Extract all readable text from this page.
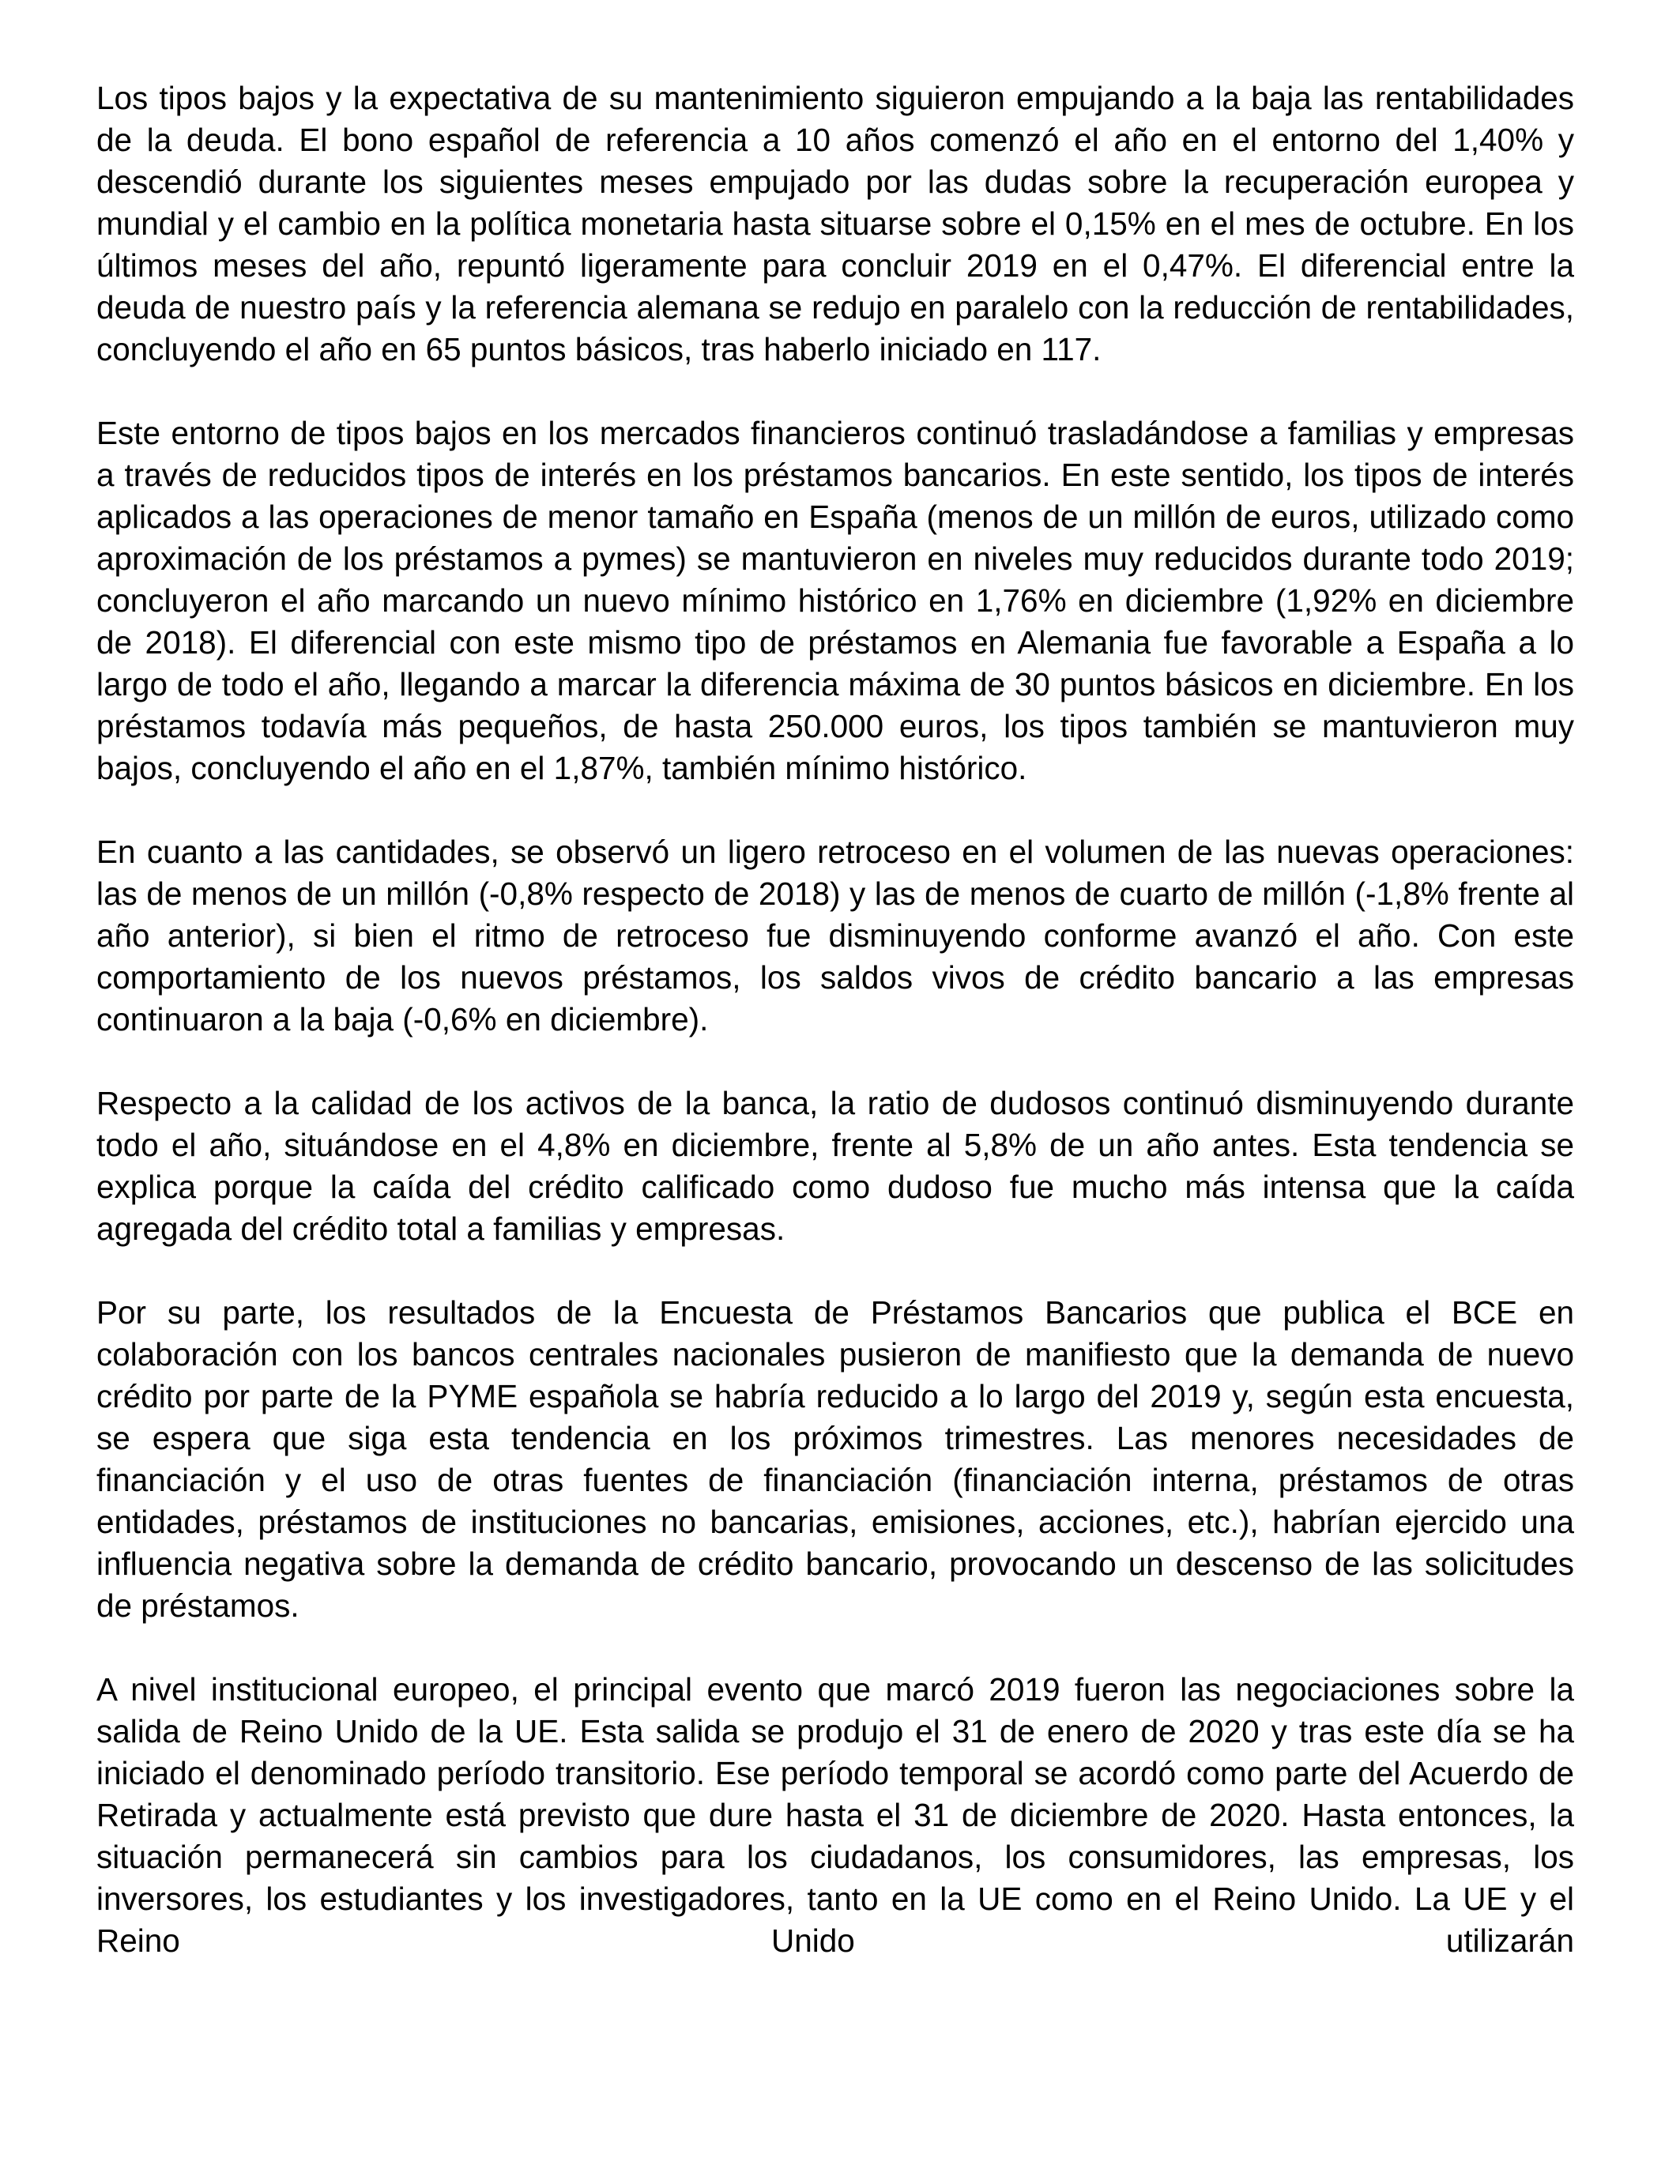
Los tipos bajos y la expectativa de su mantenimiento siguieron empujando a la baja las rentabilidades de la deuda. El bono español de referencia a 10 años comenzó el año en el entorno del 1,40% y descendió durante los siguientes meses empujado por las dudas sobre la recuperación europea y mundial y el cambio en la política monetaria hasta situarse sobre el 0,15% en el mes de octubre. En los últimos meses del año, repuntó ligeramente para concluir 2019 en el 0,47%. El diferencial entre la deuda de nuestro país y la referencia alemana se redujo en paralelo con la reducción de rentabilidades, concluyendo el año en 65 puntos básicos, tras haberlo iniciado en 117.

Este entorno de tipos bajos en los mercados financieros continuó trasladándose a familias y empresas a través de reducidos tipos de interés en los préstamos bancarios. En este sentido, los tipos de interés aplicados a las operaciones de menor tamaño en España (menos de un millón de euros, utilizado como aproximación de los préstamos a pymes) se mantuvieron en niveles muy reducidos durante todo 2019; concluyeron el año marcando un nuevo mínimo histórico en 1,76% en diciembre (1,92% en diciembre de 2018). El diferencial con este mismo tipo de préstamos en Alemania fue favorable a España a lo largo de todo el año, llegando a marcar la diferencia máxima de 30 puntos básicos en diciembre. En los préstamos todavía más pequeños, de hasta 250.000 euros, los tipos también se mantuvieron muy bajos, concluyendo el año en el 1,87%, también mínimo histórico.

En cuanto a las cantidades, se observó un ligero retroceso en el volumen de las nuevas operaciones: las de menos de un millón (-0,8% respecto de 2018) y las de menos de cuarto de millón (-1,8% frente al año anterior), si bien el ritmo de retroceso fue disminuyendo conforme avanzó el año. Con este comportamiento de los nuevos préstamos, los saldos vivos de crédito bancario a las empresas continuaron a la baja (-0,6% en diciembre).

Respecto a la calidad de los activos de la banca, la ratio de dudosos continuó disminuyendo durante todo el año, situándose en el 4,8% en diciembre, frente al 5,8% de un año antes. Esta tendencia se explica porque la caída del crédito calificado como dudoso fue mucho más intensa que la caída agregada del crédito total a familias y empresas.

Por su parte, los resultados de la Encuesta de Préstamos Bancarios que publica el BCE en colaboración con los bancos centrales nacionales pusieron de manifiesto que la demanda de nuevo crédito por parte de la PYME española se habría reducido a lo largo del 2019 y, según esta encuesta, se espera que siga esta tendencia en los próximos trimestres. Las menores necesidades de financiación y el uso de otras fuentes de financiación (financiación interna, préstamos de otras entidades, préstamos de instituciones no bancarias, emisiones, acciones, etc.), habrían ejercido una influencia negativa sobre la demanda de crédito bancario, provocando un descenso de las solicitudes de préstamos.

A nivel institucional europeo, el principal evento que marcó 2019 fueron las negociaciones sobre la salida de Reino Unido de la UE. Esta salida se produjo el 31 de enero de 2020 y tras este día se ha iniciado el denominado período transitorio. Ese período temporal se acordó como parte del Acuerdo de Retirada y actualmente está previsto que dure hasta el 31 de diciembre de 2020. Hasta entonces, la situación permanecerá sin cambios para los ciudadanos, los consumidores, las empresas, los inversores, los estudiantes y los investigadores, tanto en la UE como en el Reino Unido. La UE y el Reino Unido utilizarán
